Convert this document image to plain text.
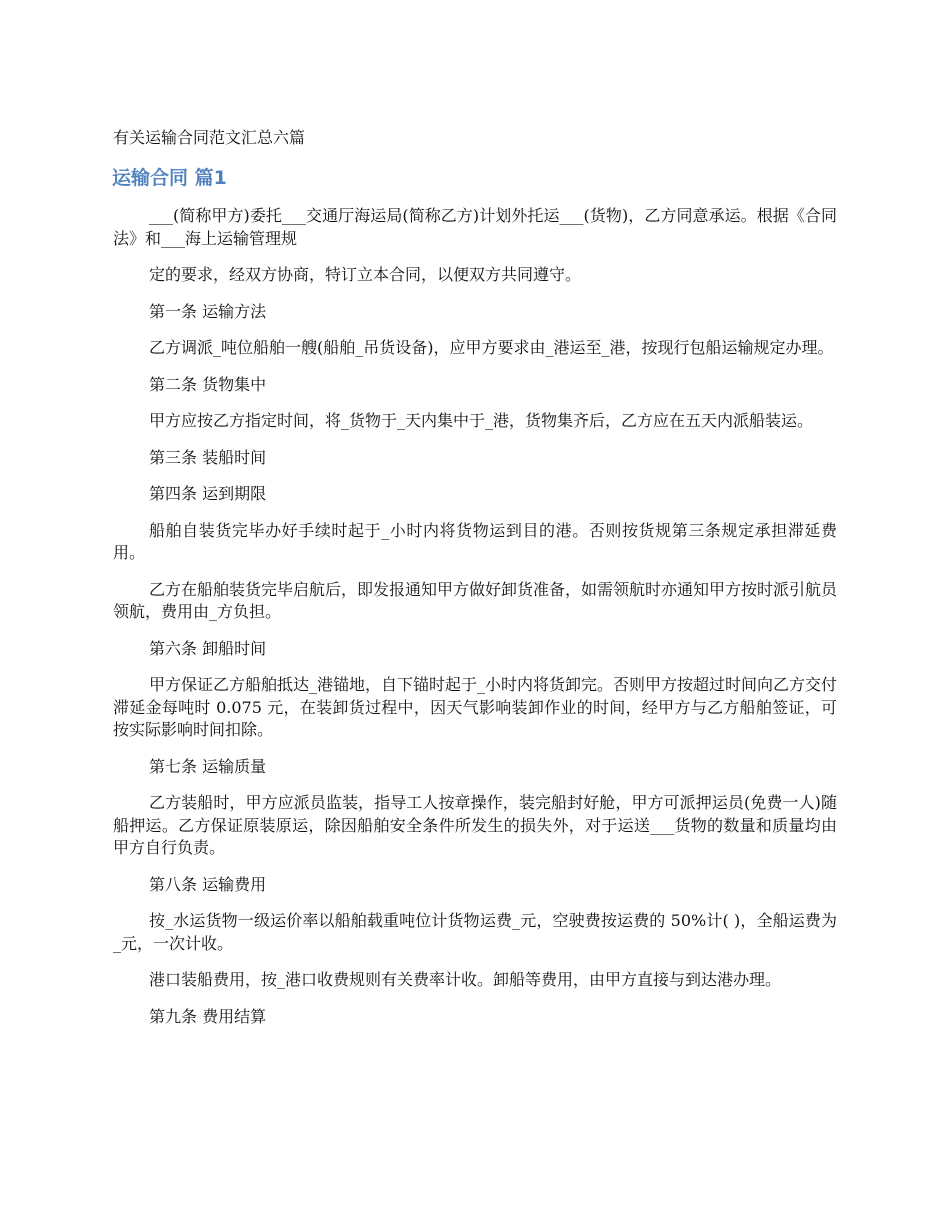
有关运输合同范文汇总六篇
运输合同 篇1

___(简称甲方)委托___交通厅海运局(简称乙方)计划外托运___(货物)，乙方同意承运。根据《合同法》和___海上运输管理规

定的要求，经双方协商，特订立本合同，以便双方共同遵守。

第一条 运输方法

乙方调派_吨位船舶一艘(船舶_吊货设备)，应甲方要求由_港运至_港，按现行包船运输规定办理。

第二条 货物集中

甲方应按乙方指定时间，将_货物于_天内集中于_港，货物集齐后，乙方应在五天内派船装运。

第三条 装船时间

第四条 运到期限

船舶自装货完毕办好手续时起于_小时内将货物运到目的港。否则按货规第三条规定承担滞延费用。

乙方在船舶装货完毕启航后，即发报通知甲方做好卸货准备，如需领航时亦通知甲方按时派引航员领航，费用由_方负担。

第六条 卸船时间

甲方保证乙方船舶抵达_港锚地，自下锚时起于_小时内将货卸完。否则甲方按超过时间向乙方交付滞延金每吨时 0.075 元，在装卸货过程中，因天气影响装卸作业的时间，经甲方与乙方船舶签证，可按实际影响时间扣除。

第七条 运输质量

乙方装船时，甲方应派员监装，指导工人按章操作，装完船封好舱，甲方可派押运员(免费一人)随船押运。乙方保证原装原运，除因船舶安全条件所发生的损失外，对于运送___货物的数量和质量均由甲方自行负责。

第八条 运输费用

按_水运货物一级运价率以船舶载重吨位计货物运费_元，空驶费按运费的 50%计( )，全船运费为_元，一次计收。

港口装船费用，按_港口收费规则有关费率计收。卸船等费用，由甲方直接与到达港办理。

第九条 费用结算
